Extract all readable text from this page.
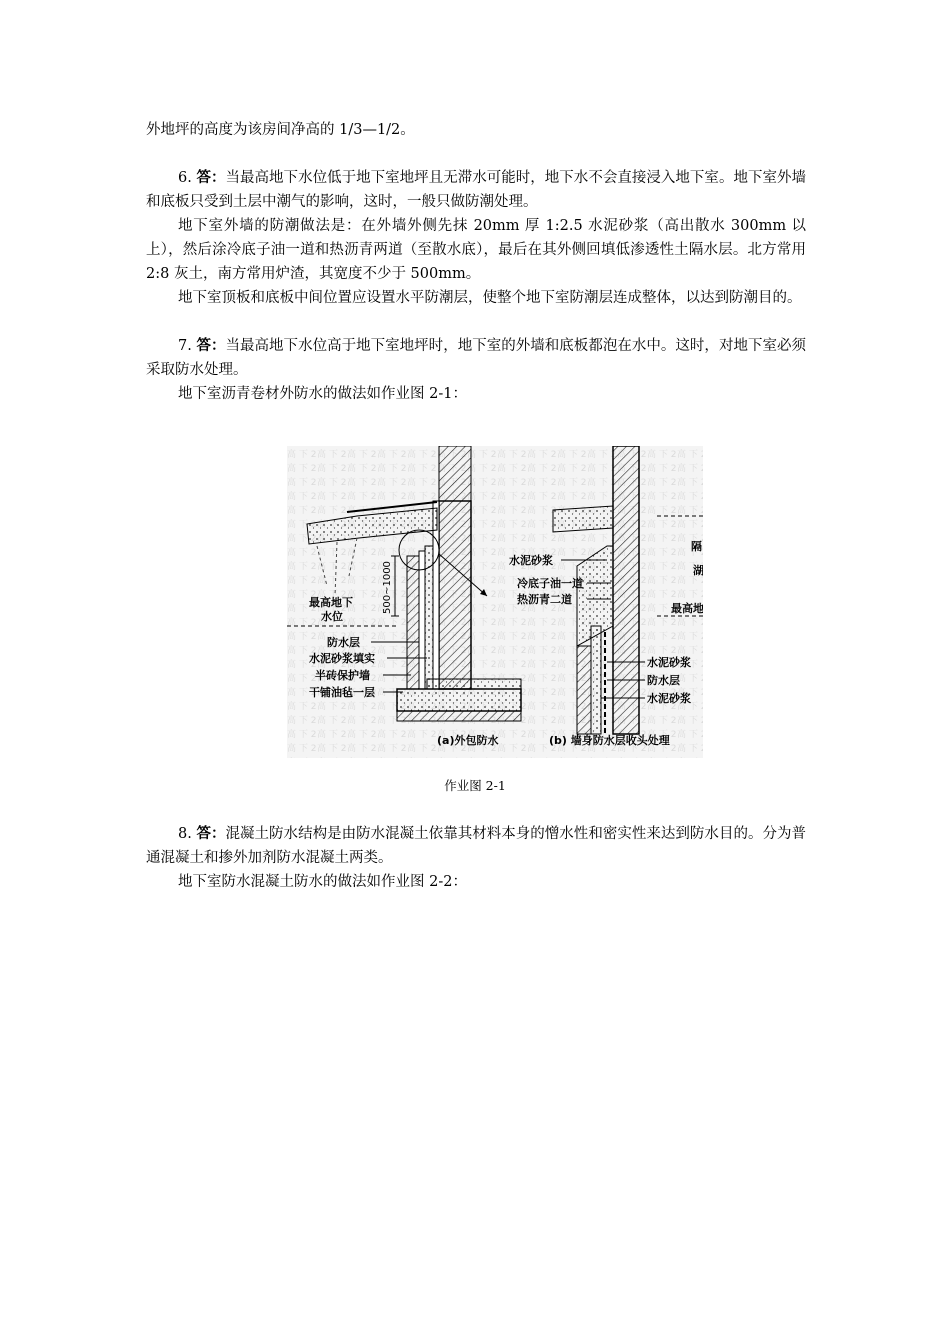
外地坪的高度为该房间净高的 1/3—1/2。

6. 答：当最高地下水位低于地下室地坪且无滞水可能时，地下水不会直接浸入地下室。地下室外墙和底板只受到土层中潮气的影响，这时，一般只做防潮处理。

地下室外墙的防潮做法是：在外墙外侧先抹 20mm 厚 1:2.5 水泥砂浆（高出散水 300mm 以上），然后涂冷底子油一道和热沥青两道（至散水底），最后在其外侧回填低渗透性土隔水层。北方常用 2:8 灰土，南方常用炉渣，其宽度不少于 500mm。

地下室顶板和底板中间位置应设置水平防潮层，使整个地下室防潮层连成整体，以达到防潮目的。

7. 答：当最高地下水位高于地下室地坪时，地下室的外墙和底板都泡在水中。这时，对地下室必须采取防水处理。

地下室沥青卷材外防水的做法如作业图 2-1：

500~1000
最高地下
水位
防水层
水泥砂浆填实
半砖保护墙
干铺油毡一层
(a)外包防水
水泥砂浆
冷底子油一道
热沥青二道
水泥砂浆
防水层
水泥砂浆
隔
湖
最高地
(b) 墙身防水层收头处理
作业图 2-1

8. 答：混凝土防水结构是由防水混凝土依靠其材料本身的憎水性和密实性来达到防水目的。分为普通混凝土和掺外加剂防水混凝土两类。

地下室防水混凝土防水的做法如作业图 2-2：
